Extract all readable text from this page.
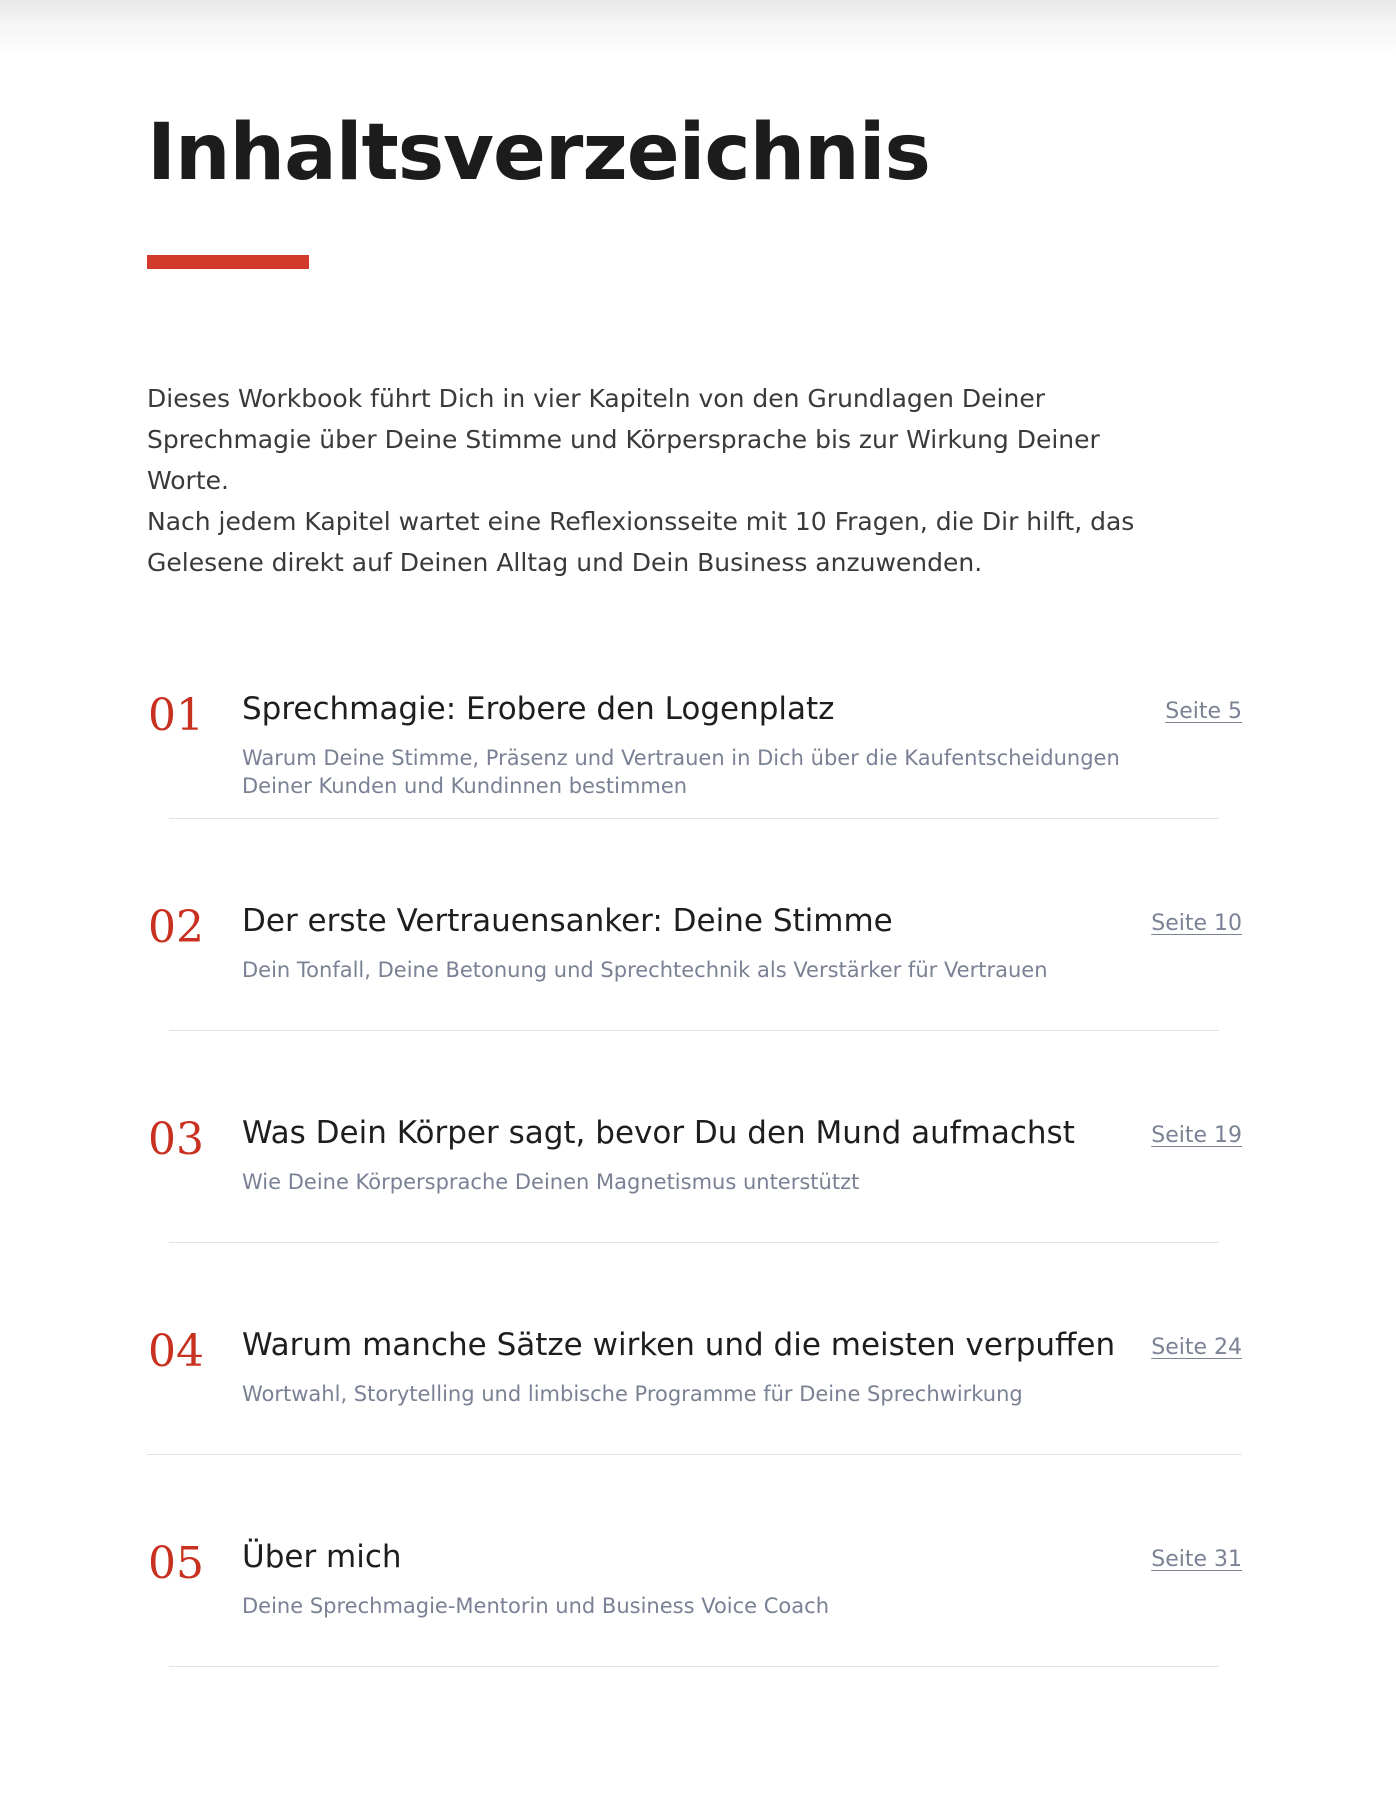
Inhaltsverzeichnis

Dieses Workbook führt Dich in vier Kapiteln von den Grundlagen Deiner Sprechmagie über Deine Stimme und Körpersprache bis zur Wirkung Deiner Worte.

Nach jedem Kapitel wartet eine Reflexionsseite mit 10 Fragen, die Dir hilft, das Gelesene direkt auf Deinen Alltag und Dein Business anzuwenden.

01 Sprechmagie: Erobere den Logenplatz
Warum Deine Stimme, Präsenz und Vertrauen in Dich über die Kaufentscheidungen Deiner Kunden und Kundinnen bestimmen
Seite 5
02 Der erste Vertrauensanker: Deine Stimme
Dein Tonfall, Deine Betonung und Sprechtechnik als Verstärker für Vertrauen
Seite 10
03 Was Dein Körper sagt, bevor Du den Mund aufmachst
Wie Deine Körpersprache Deinen Magnetismus unterstützt
Seite 19
04 Warum manche Sätze wirken und die meisten verpuffen
Wortwahl, Storytelling und limbische Programme für Deine Sprechwirkung
Seite 24
05 Über mich
Deine Sprechmagie-Mentorin und Business Voice Coach
Seite 31
